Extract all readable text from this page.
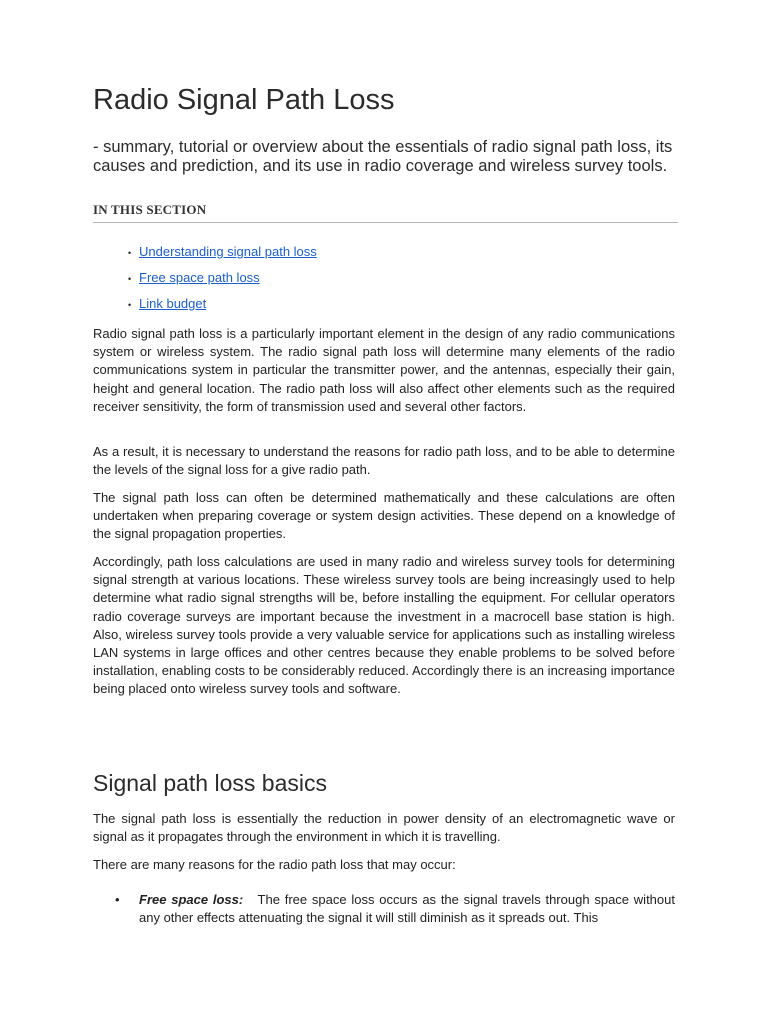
Radio Signal Path Loss
- summary, tutorial or overview about the essentials of radio signal path loss, its causes and prediction, and its use in radio coverage and wireless survey tools.
IN THIS SECTION
• Understanding signal path loss
• Free space path loss
• Link budget

Radio signal path loss is a particularly important element in the design of any radio communications system or wireless system. The radio signal path loss will determine many elements of the radio communications system in particular the transmitter power, and the antennas, especially their gain, height and general location. The radio path loss will also affect other elements such as the required receiver sensitivity, the form of transmission used and several other factors.

As a result, it is necessary to understand the reasons for radio path loss, and to be able to determine the levels of the signal loss for a give radio path.

The signal path loss can often be determined mathematically and these calculations are often undertaken when preparing coverage or system design activities. These depend on a knowledge of the signal propagation properties.

Accordingly, path loss calculations are used in many radio and wireless survey tools for determining signal strength at various locations. These wireless survey tools are being increasingly used to help determine what radio signal strengths will be, before installing the equipment. For cellular operators radio coverage surveys are important because the investment in a macrocell base station is high. Also, wireless survey tools provide a very valuable service for applications such as installing wireless LAN systems in large offices and other centres because they enable problems to be solved before installation, enabling costs to be considerably reduced. Accordingly there is an increasing importance being placed onto wireless survey tools and software.

Signal path loss basics

The signal path loss is essentially the reduction in power density of an electromagnetic wave or signal as it propagates through the environment in which it is travelling.

There are many reasons for the radio path loss that may occur:

• Free space loss: The free space loss occurs as the signal travels through space without any other effects attenuating the signal it will still diminish as it spreads out. This
